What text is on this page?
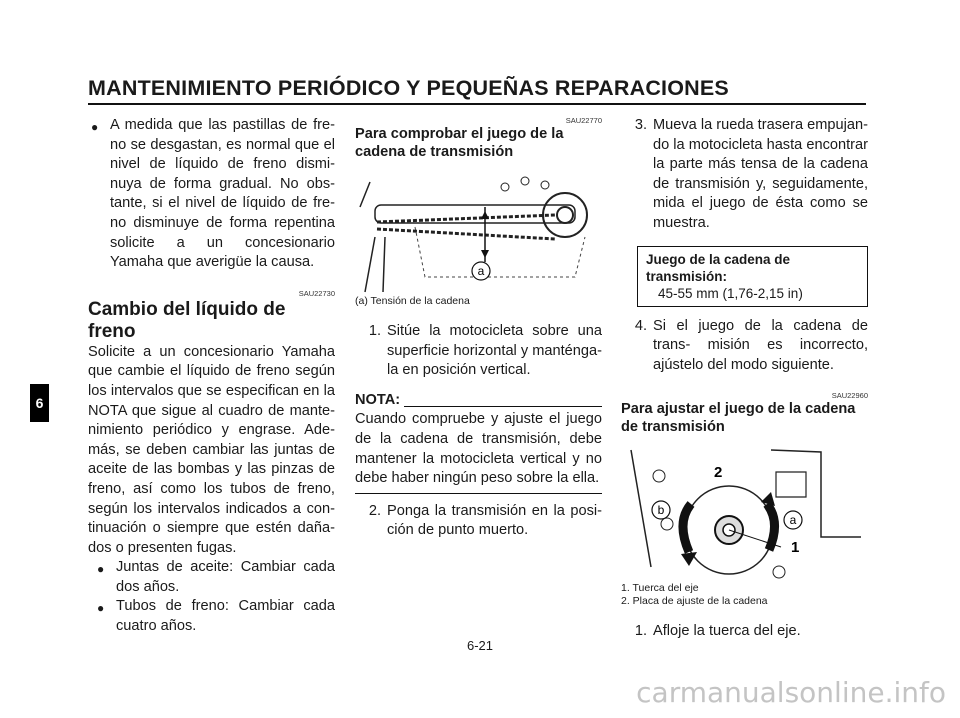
MANTENIMIENTO PERIÓDICO Y PEQUEÑAS REPARACIONES
6
● A medida que las pastillas de fre- no se desgastan, es normal que el nivel de líquido de freno dismi- nuya de forma gradual. No obs- tante, si el nivel de líquido de fre- no disminuye de forma repentina solicite a un concesionario Yamaha que averigüe la causa.
SAU22730
Cambio del líquido de freno

Solicite a un concesionario Yamaha que cambie el líquido de freno según los intervalos que se especifican en la NOTA que sigue al cuadro de mante- nimiento periódico y engrase. Ade- más, se deben cambiar las juntas de aceite de las bombas y las pinzas de freno, así como los tubos de freno, según los intervalos indicados a con- tinuación o siempre que estén daña- dos o presenten fugas.

● Juntas de aceite: Cambiar cada dos años.
● Tubos de freno: Cambiar cada cuatro años.
SAU22770
Para comprobar el juego de la cadena de transmisión
a
(a) Tensión de la cadena
1. Sitúe la motocicleta sobre una superficie horizontal y manténga- la en posición vertical.
NOTA:

Cuando compruebe y ajuste el juego de la cadena de transmisión, debe mantener la motocicleta vertical y no debe haber ningún peso sobre la ella.

2. Ponga la transmisión en la posi- ción de punto muerto.
3. Mueva la rueda trasera empujan- do la motocicleta hasta encontrar la parte más tensa de la cadena de transmisión y, seguidamente, mida el juego de ésta como se muestra.
Juego de la cadena de transmisión:
45-55 mm (1,76-2,15 in)
4. Si el juego de la cadena de trans- misión es incorrecto, ajústelo del modo siguiente.
SAU22960
Para ajustar el juego de la cadena de transmisión
2
1
a
b
1. Tuerca del eje
2. Placa de ajuste de la cadena
1. Afloje la tuerca del eje.
6-21
carmanualsonline.info
